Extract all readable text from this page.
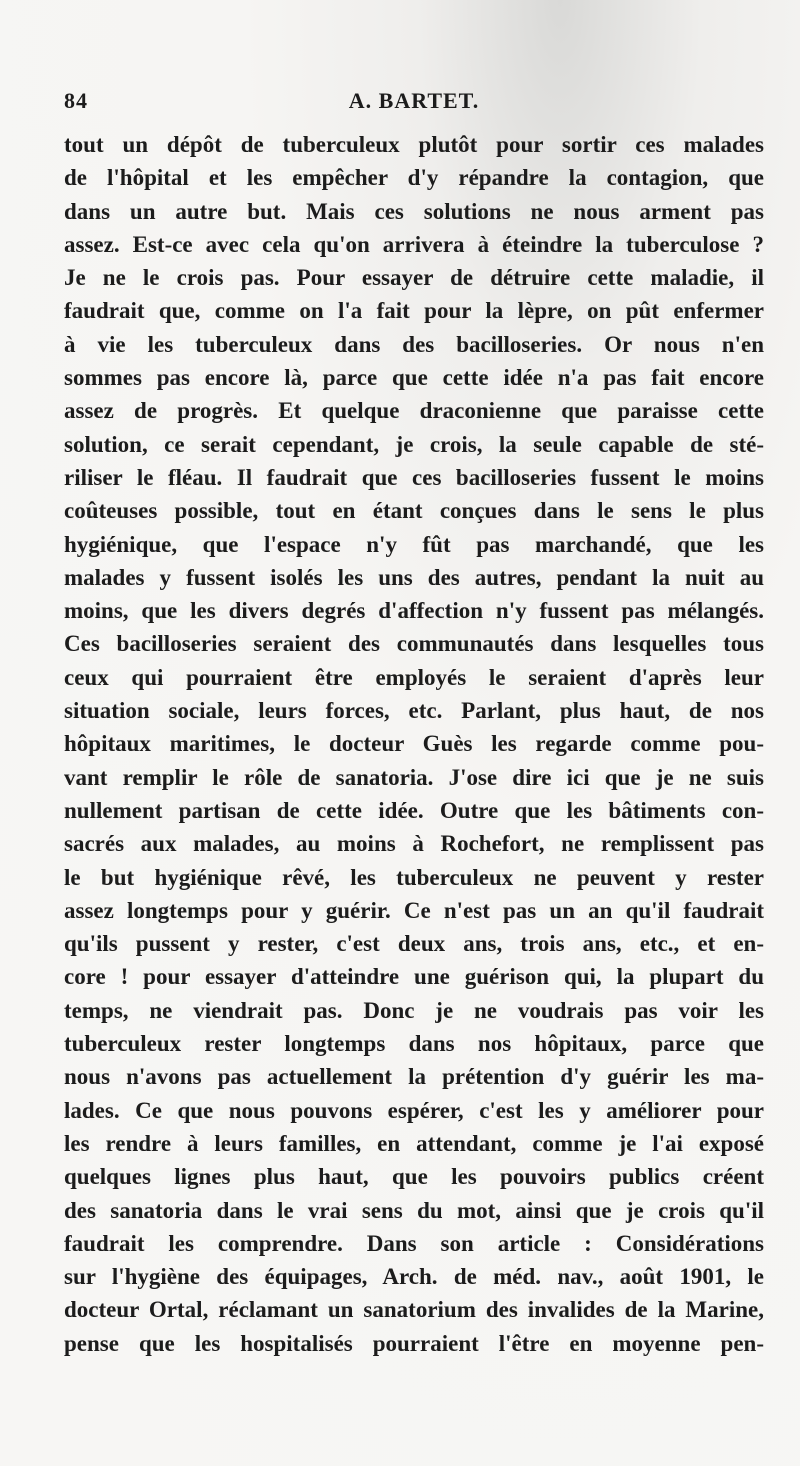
84	A. BARTET.
tout un dépôt de tuberculeux plutôt pour sortir ces malades
de l'hôpital et les empêcher d'y répandre la contagion, que
dans un autre but. Mais ces solutions ne nous arment pas
assez. Est-ce avec cela qu'on arrivera à éteindre la tuberculose ?
Je ne le crois pas. Pour essayer de détruire cette maladie, il
faudrait que, comme on l'a fait pour la lèpre, on pût enfermer
à vie les tuberculeux dans des bacilloseries. Or nous n'en
sommes pas encore là, parce que cette idée n'a pas fait encore
assez de progrès. Et quelque draconienne que paraisse cette
solution, ce serait cependant, je crois, la seule capable de sté-
riliser le fléau. Il faudrait que ces bacilloseries fussent le moins
coûteuses possible, tout en étant conçues dans le sens le plus
hygiénique, que l'espace n'y fût pas marchandé, que les
malades y fussent isolés les uns des autres, pendant la nuit au
moins, que les divers degrés d'affection n'y fussent pas mélangés.
Ces bacilloseries seraient des communautés dans lesquelles tous
ceux qui pourraient être employés le seraient d'après leur
situation sociale, leurs forces, etc. Parlant, plus haut, de nos
hôpitaux maritimes, le docteur Guès les regarde comme pou-
vant remplir le rôle de sanatoria. J'ose dire ici que je ne suis
nullement partisan de cette idée. Outre que les bâtiments con-
sacrés aux malades, au moins à Rochefort, ne remplissent pas
le but hygiénique rêvé, les tuberculeux ne peuvent y rester
assez longtemps pour y guérir. Ce n'est pas un an qu'il faudrait
qu'ils pussent y rester, c'est deux ans, trois ans, etc., et en-
core ! pour essayer d'atteindre une guérison qui, la plupart du
temps, ne viendrait pas. Donc je ne voudrais pas voir les
tuberculeux rester longtemps dans nos hôpitaux, parce que
nous n'avons pas actuellement la prétention d'y guérir les ma-
lades. Ce que nous pouvons espérer, c'est les y améliorer pour
les rendre à leurs familles, en attendant, comme je l'ai exposé
quelques lignes plus haut, que les pouvoirs publics créent
des sanatoria dans le vrai sens du mot, ainsi que je crois qu'il
faudrait les comprendre. Dans son article : Considérations
sur l'hygiène des équipages, Arch. de méd. nav., août 1901, le
docteur Ortal, réclamant un sanatorium des invalides de la Marine,
pense que les hospitalisés pourraient l'être en moyenne pen-
